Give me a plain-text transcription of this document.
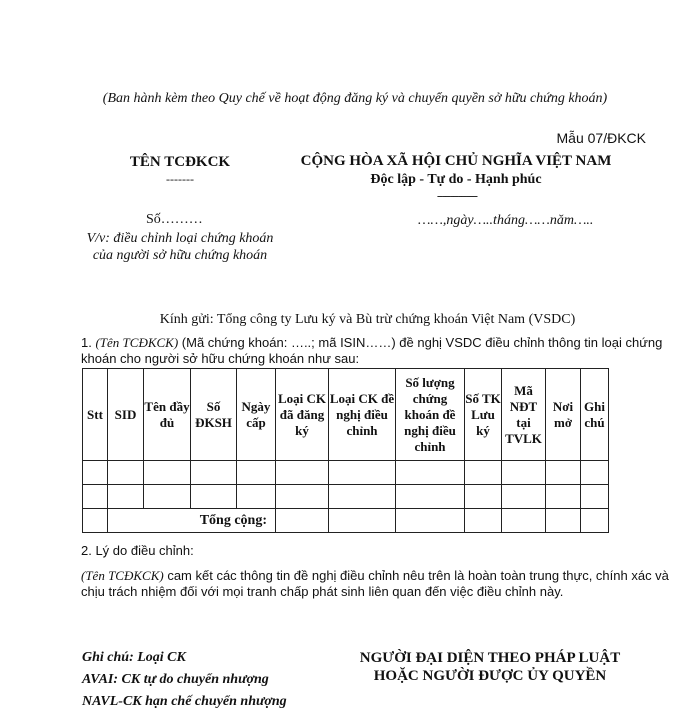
(Ban hành kèm theo Quy chế về hoạt động đăng ký và chuyển quyền sở hữu chứng khoán)
Mẫu 07/ĐKCK
TÊN TCĐKCK
-------
CỘNG HÒA XÃ HỘI CHỦ NGHĨA VIỆT NAM
Độc lập - Tự do - Hạnh phúc
---------------
Số………
V/v: điều chỉnh loại chứng khoán của người sở hữu chứng khoán
……,ngày…..tháng……năm…..
Kính gửi: Tổng công ty Lưu ký và Bù trừ chứng khoán Việt Nam (VSDC)
1. (Tên TCĐKCK) (Mã chứng khoán: …..; mã ISIN……) đề nghị VSDC điều chỉnh thông tin loại chứng khoán cho người sở hữu chứng khoán như sau:
Stt	SID	Tên đầy đủ	Số ĐKSH	Ngày cấp	Loại CK đã đăng ký	Loại CK đề nghị điều chỉnh	Số lượng chứng khoán đề nghị điều chỉnh	Số TK Lưu ký	Mã NĐT tại TVLK	Nơi mở	Ghi chú

	Tổng cộng:										
2. Lý do điều chỉnh:
(Tên TCĐKCK) cam kết các thông tin đề nghị điều chỉnh nêu trên là hoàn toàn trung thực, chính xác và chịu trách nhiệm đối với mọi tranh chấp phát sinh liên quan đến việc điều chỉnh này.
Ghi chú: Loại CK
AVAI: CK tự do chuyển nhượng
NAVL-CK hạn chế chuyển nhượng
NGƯỜI ĐẠI DIỆN THEO PHÁP LUẬT HOẶC NGƯỜI ĐƯỢC ỦY QUYỀN
